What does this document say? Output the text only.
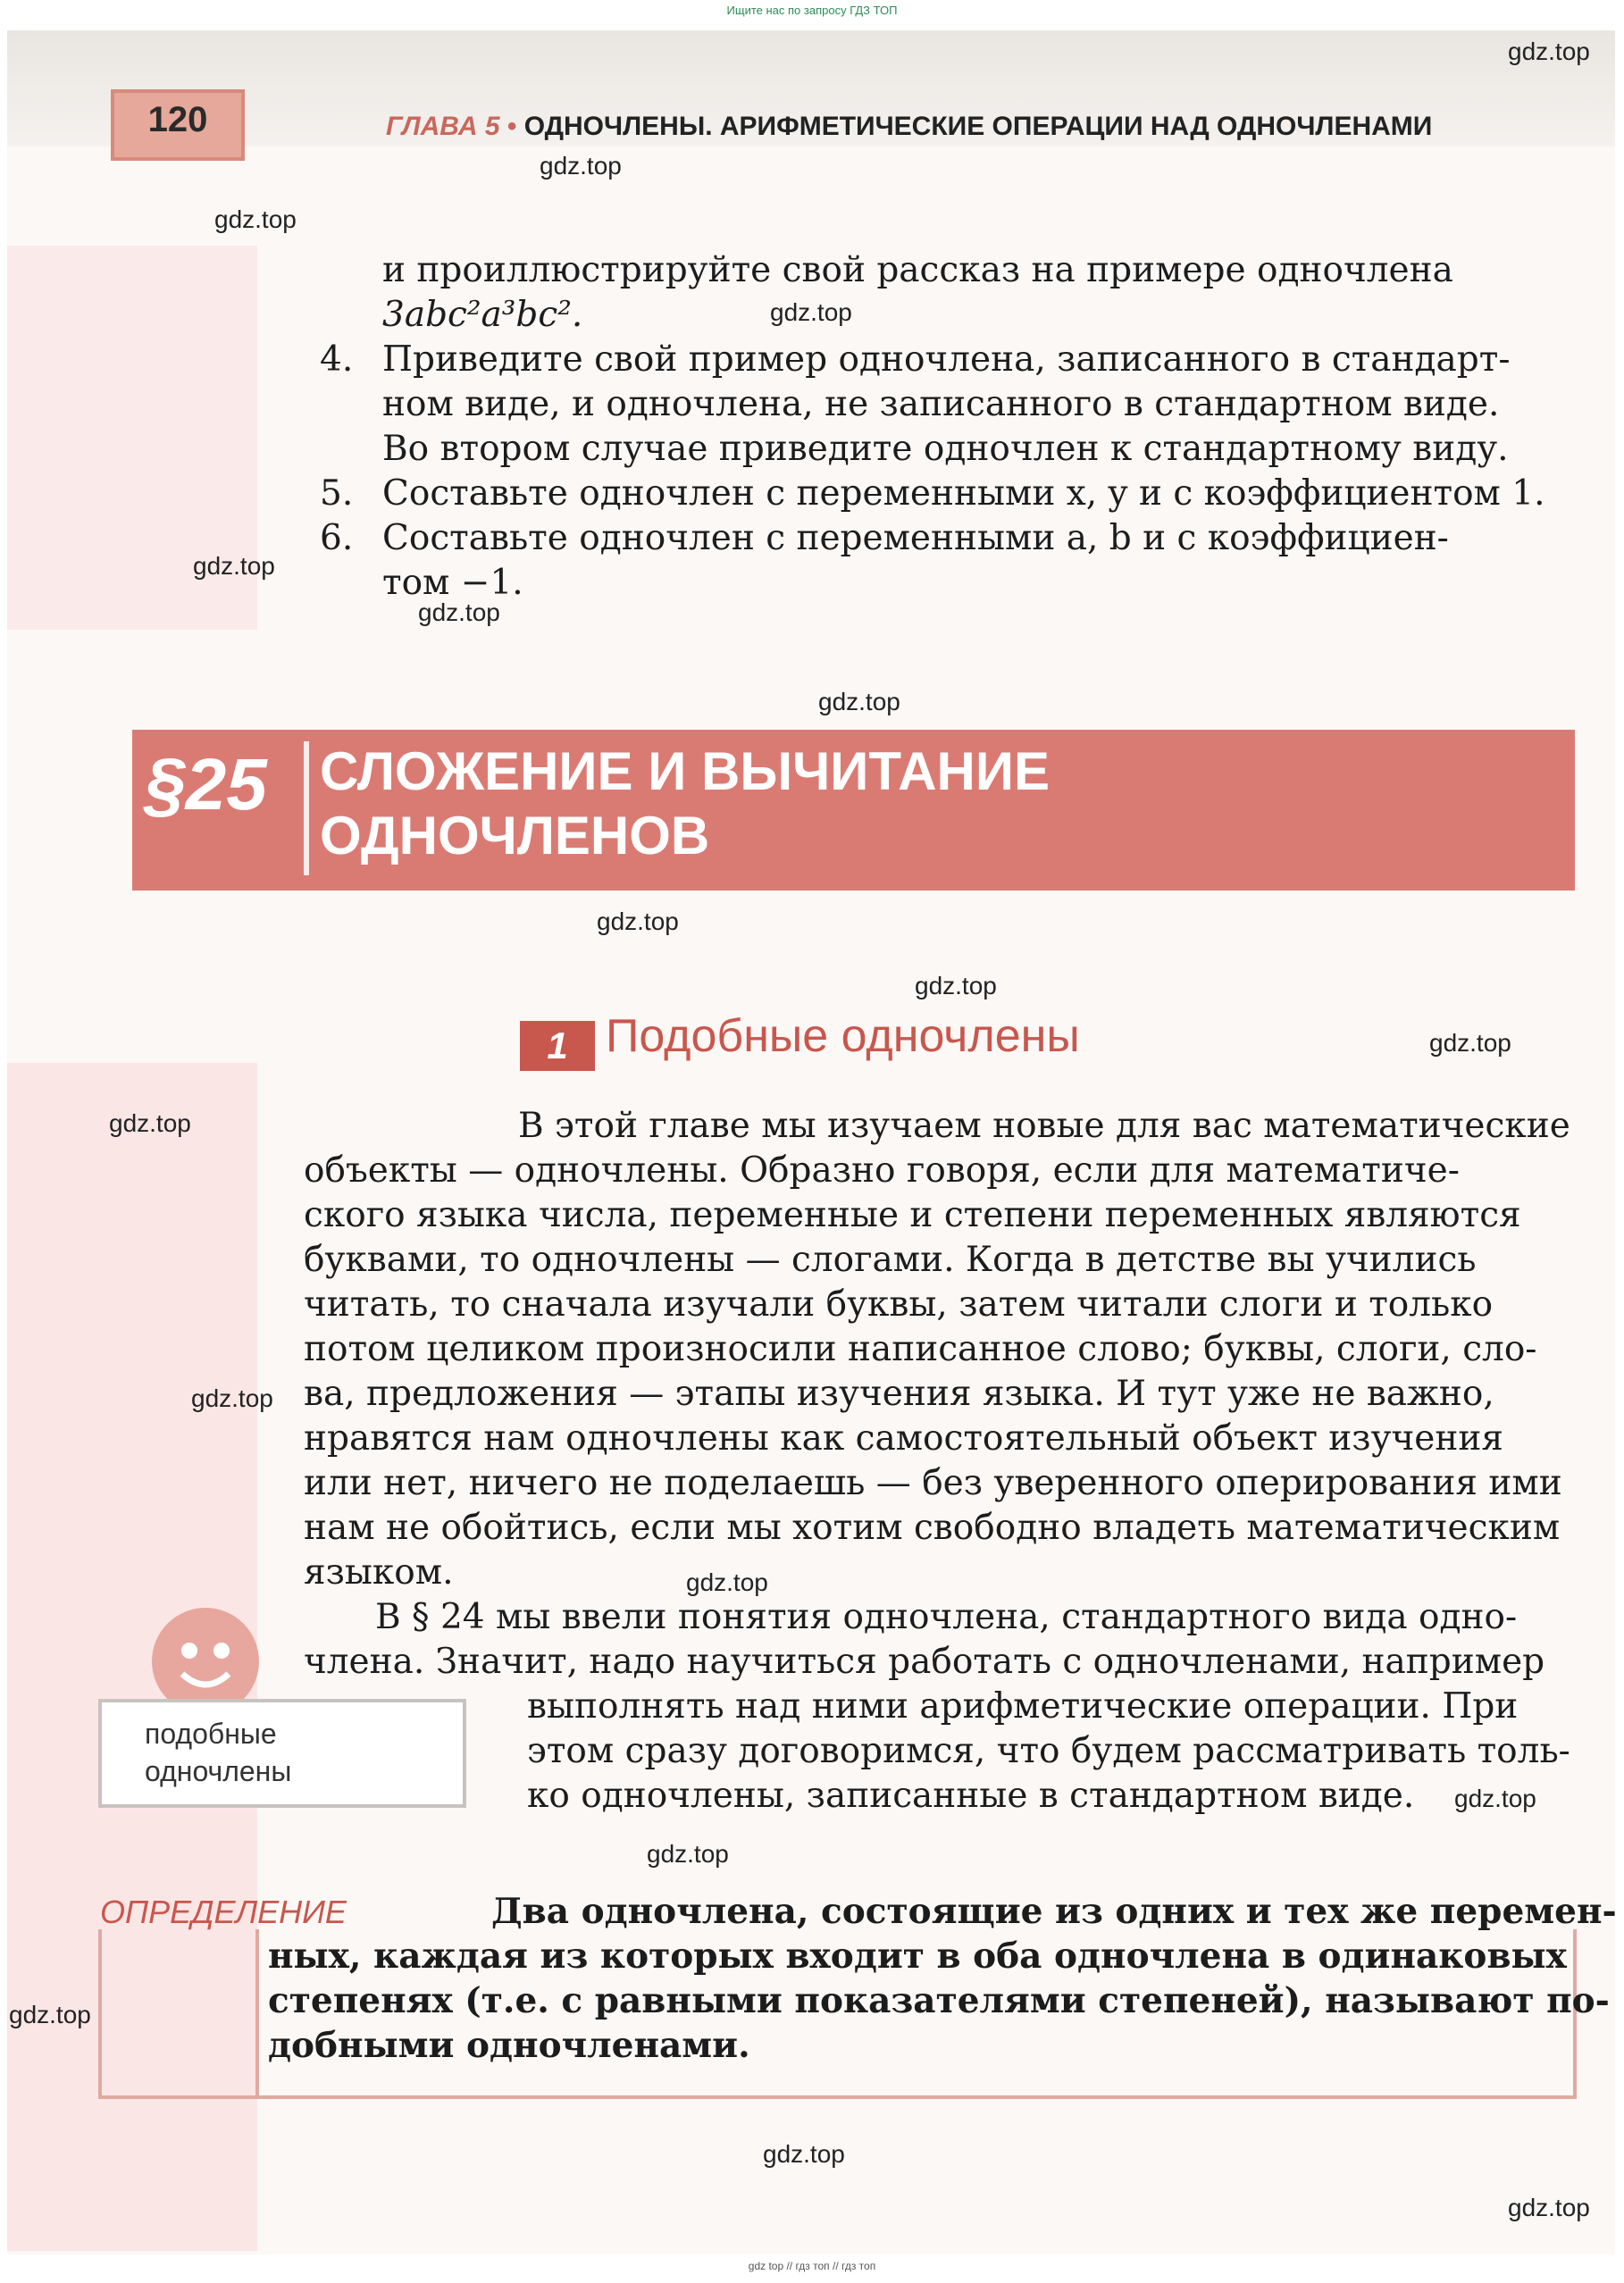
Ищите нас по запросу ГДЗ ТОП
120	ГЛАВА 5 • ОДНОЧЛЕНЫ. АРИФМЕТИЧЕСКИЕ ОПЕРАЦИИ НАД ОДНОЧЛЕНАМИ
gdz.top
gdz.top
gdz.top
gdz.top
gdz.top
gdz.top
gdz.top
gdz.top
gdz.top
gdz.top
gdz.top
gdz.top
gdz.top
gdz.top
gdz.top
gdz.top
gdz.top
gdz.top
и проиллюстрируйте свой рассказ на примере одночлена
3abc²a³bc².
4. Приведите свой пример одночлена, записанного в стандарт-
ном виде, и одночлена, не записанного в стандартном виде.
Во втором случае приведите одночлен к стандартному виду.
5. Составьте одночлен с переменными x, y и с коэффициентом 1.
6. Составьте одночлен с переменными a, b и с коэффициен-
том −1.
§25 СЛОЖЕНИЕ И ВЫЧИТАНИЕ
ОДНОЧЛЕНОВ
1 Подобные одночлены
В этой главе мы изучаем новые для вас математические
объекты — одночлены. Образно говоря, если для математиче-
ского языка числа, переменные и степени переменных являются
буквами, то одночлены — слогами. Когда в детстве вы учились
читать, то сначала изучали буквы, затем читали слоги и только
потом целиком произносили написанное слово; буквы, слоги, сло-
ва, предложения — этапы изучения языка. И тут уже не важно,
нравятся нам одночлены как самостоятельный объект изучения
или нет, ничего не поделаешь — без уверенного оперирования ими
нам не обойтись, если мы хотим свободно владеть математическим
языком.
В § 24 мы ввели понятия одночлена, стандартного вида одно-
члена. Значит, надо научиться работать с одночленами, например
выполнять над ними арифметические операции. При
этом сразу договоримся, что будем рассматривать толь-
ко одночлены, записанные в стандартном виде.
подобные
одночлены
ОПРЕДЕЛЕНИЕ	Два одночлена, состоящие из одних и тех же перемен-
ных, каждая из которых входит в оба одночлена в одинаковых
степенях (т.е. с равными показателями степеней), называют по-
добными одночленами.
gdz top // гдз топ // гдз топ
